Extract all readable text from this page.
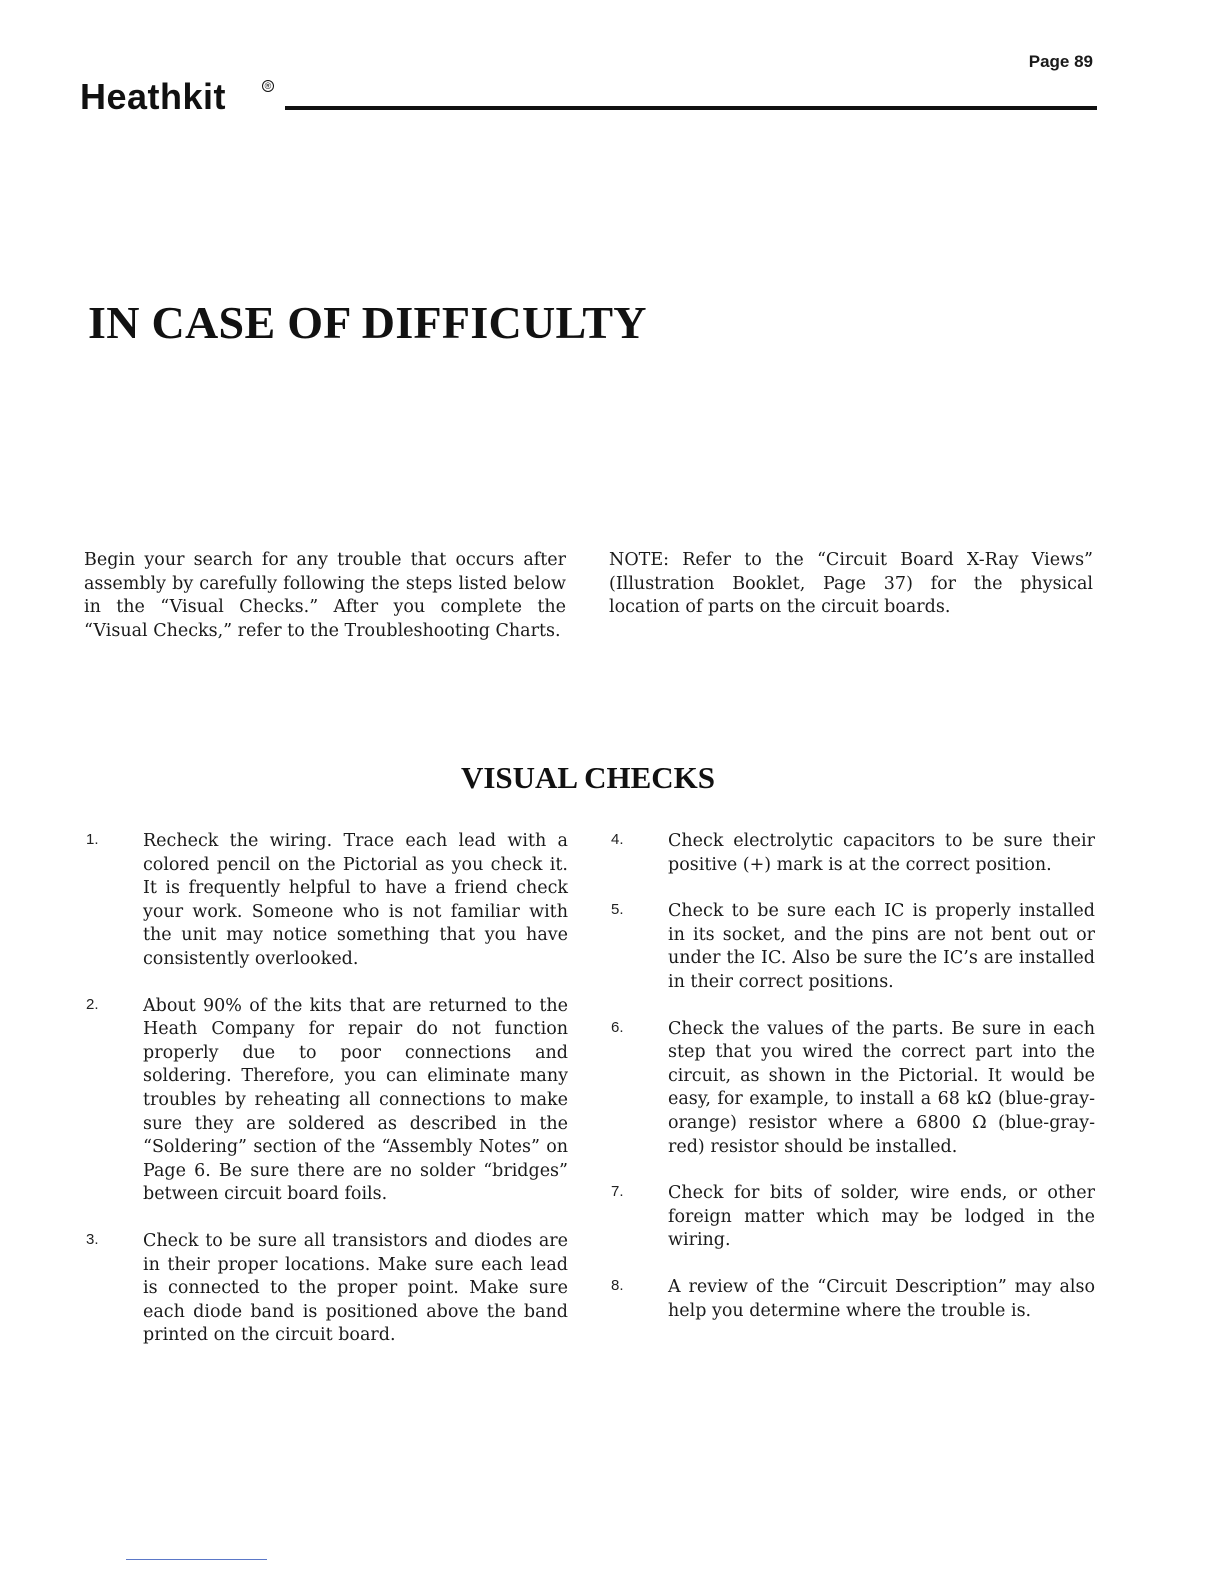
Page 89
Heathkit	®
IN CASE OF DIFFICULTY

Begin your search for any trouble that occurs after assembly by carefully following the steps listed below in the “Visual Checks.” After you complete the “Visual Checks,” refer to the Troubleshooting Charts.

NOTE: Refer to the “Circuit Board X-Ray Views” (Illustration Booklet, Page 37) for the physical location of parts on the circuit boards.

VISUAL CHECKS
1.	Recheck the wiring. Trace each lead with a colored pencil on the Pictorial as you check it. It is frequently helpful to have a friend check your work. Someone who is not familiar with the unit may notice something that you have consistently overlooked.
2.	About 90% of the kits that are returned to the Heath Company for repair do not function properly due to poor connections and soldering. Therefore, you can eliminate many troubles by reheating all connections to make sure they are soldered as described in the “Soldering” section of the “Assembly Notes” on Page 6. Be sure there are no solder “bridges” between circuit board foils.
3.	Check to be sure all transistors and diodes are in their proper locations. Make sure each lead is connected to the proper point. Make sure each diode band is positioned above the band printed on the circuit board.
4.	Check electrolytic capacitors to be sure their positive (+) mark is at the correct position.
5.	Check to be sure each IC is properly installed in its socket, and the pins are not bent out or under the IC. Also be sure the IC’s are installed in their correct positions.
6.	Check the values of the parts. Be sure in each step that you wired the correct part into the circuit, as shown in the Pictorial. It would be easy, for example, to install a 68 kΩ (blue-gray-orange) resistor where a 6800 Ω (blue-gray-red) resistor should be installed.
7.	Check for bits of solder, wire ends, or other foreign matter which may be lodged in the wiring.
8.	A review of the “Circuit Description” may also help you determine where the trouble is.
